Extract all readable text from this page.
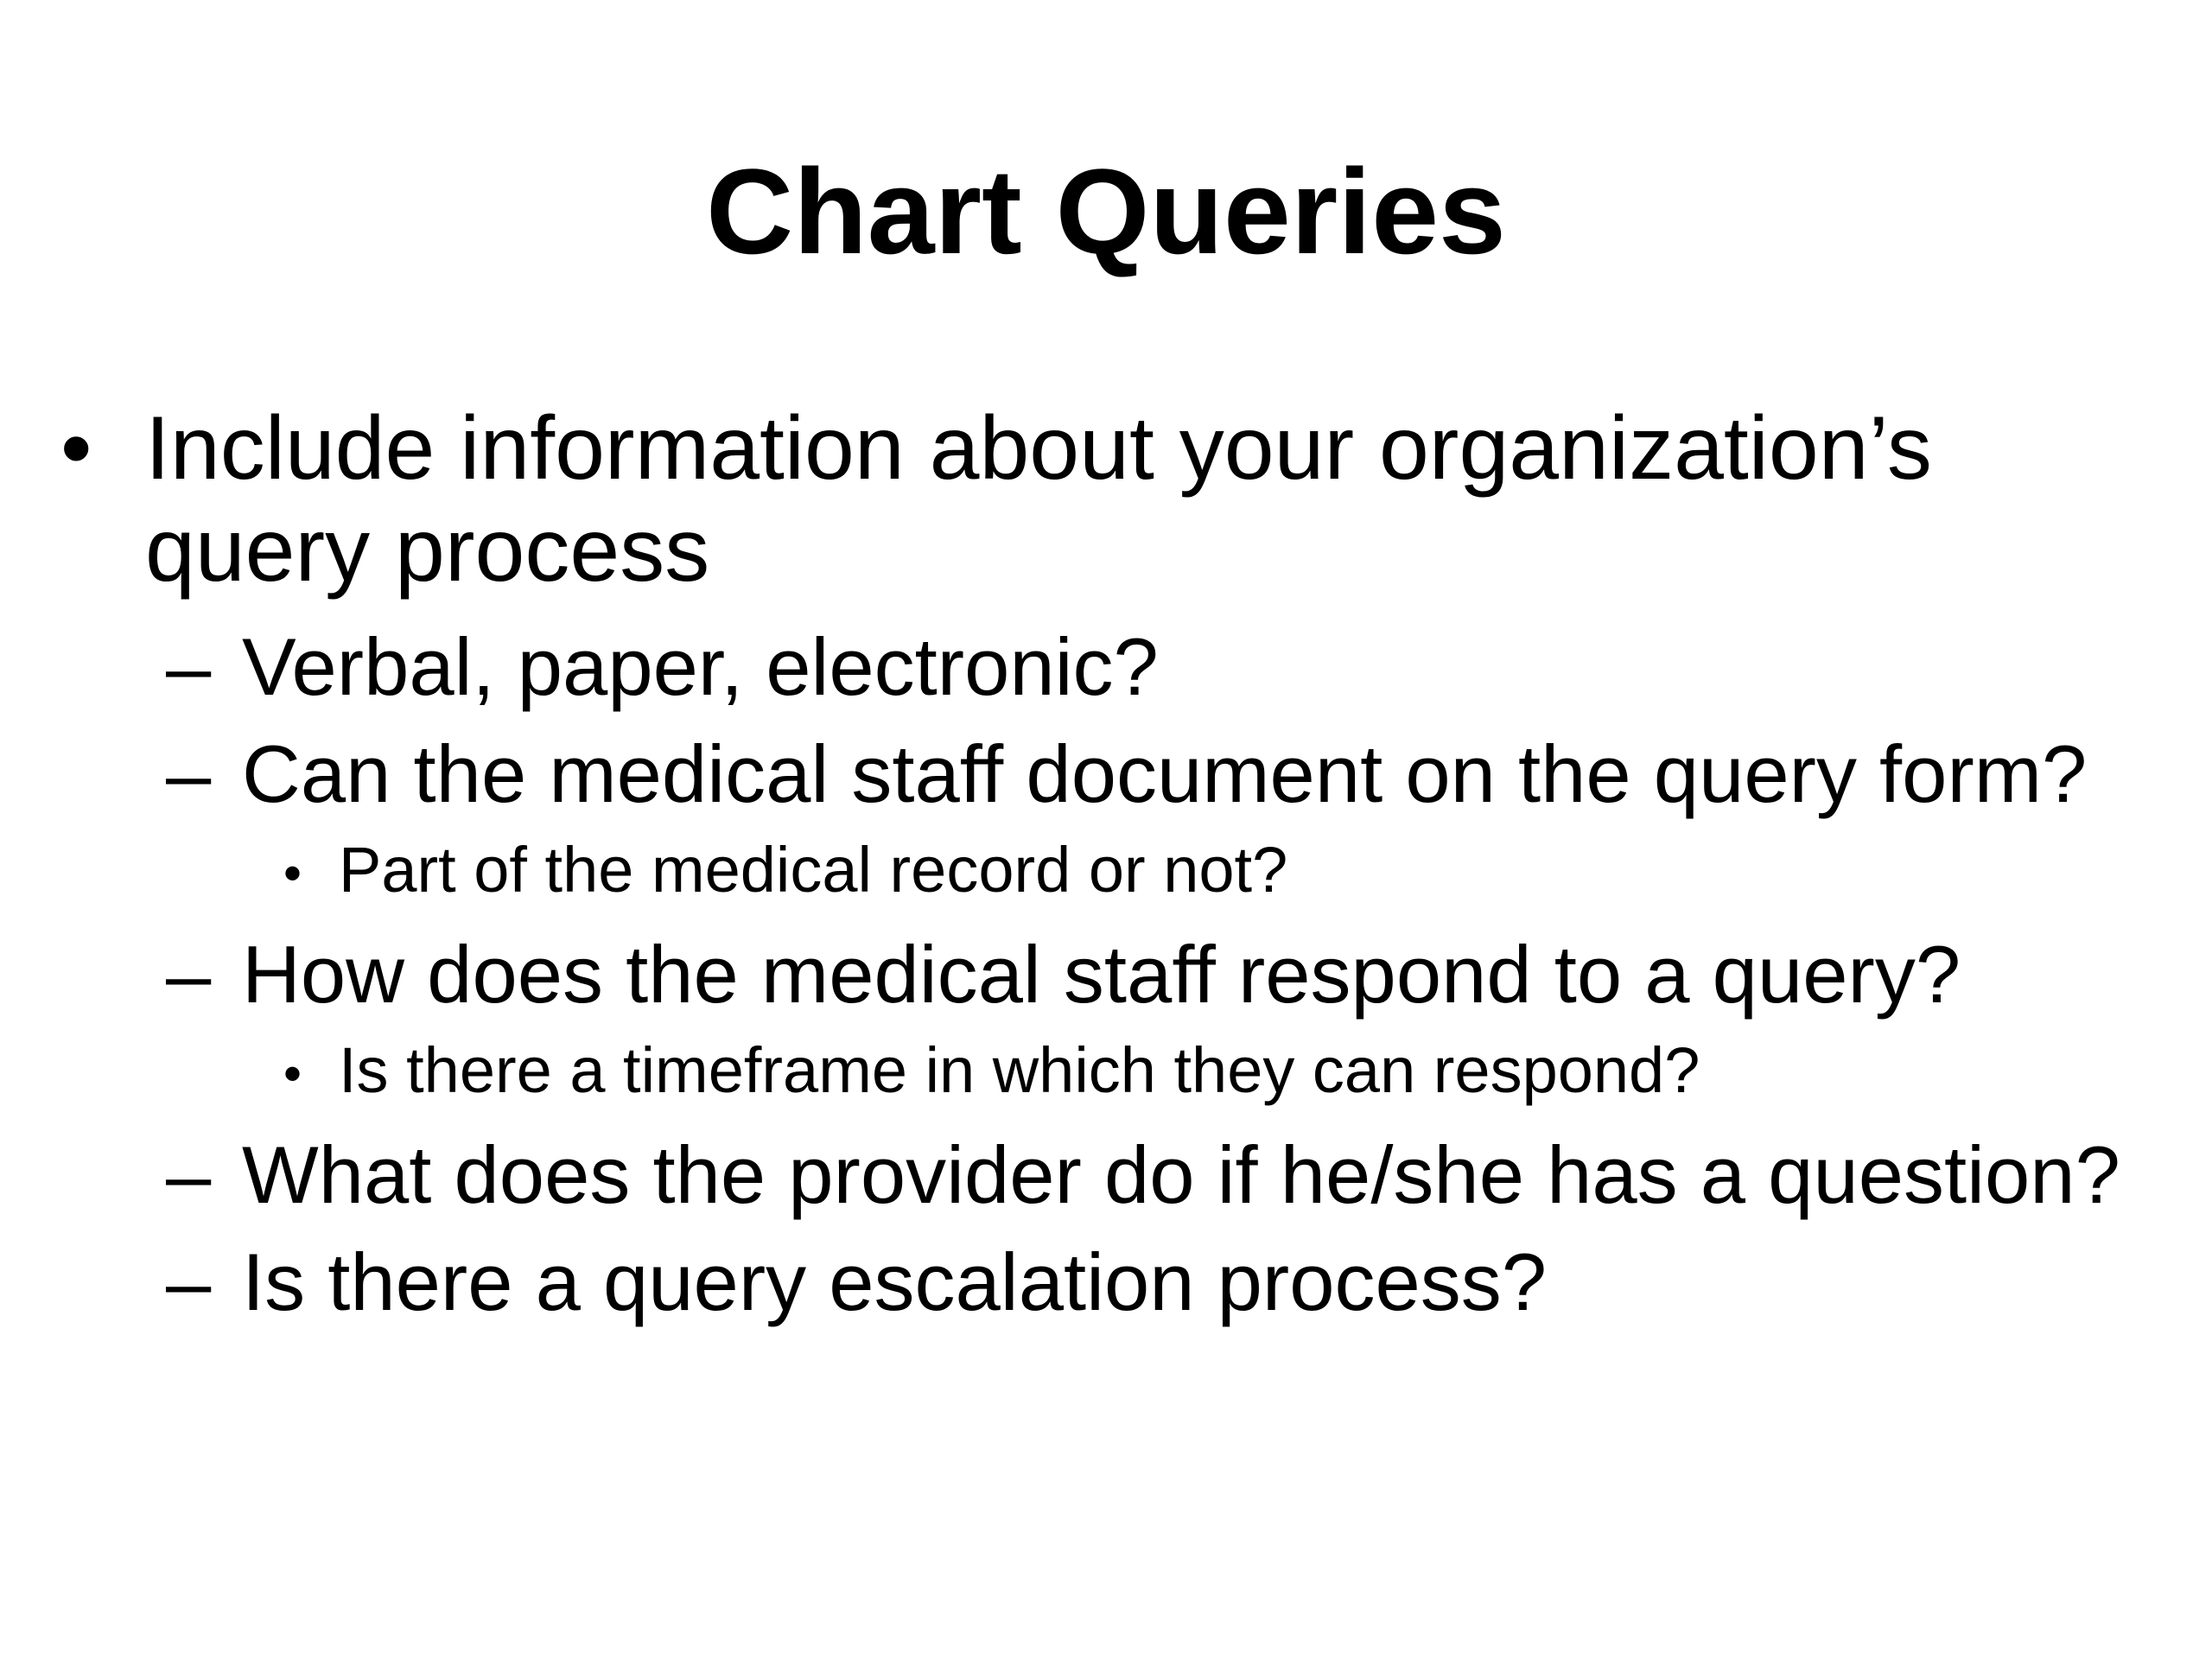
Chart Queries
• Include information about your organization’s
query process
– Verbal, paper, electronic?
– Can the medical staff document on the query form?
• Part of the medical record or not?
– How does the medical staff respond to a query?
• Is there a timeframe in which they can respond?
– What does the provider do if he/she has a question?
– Is there a query escalation process?
